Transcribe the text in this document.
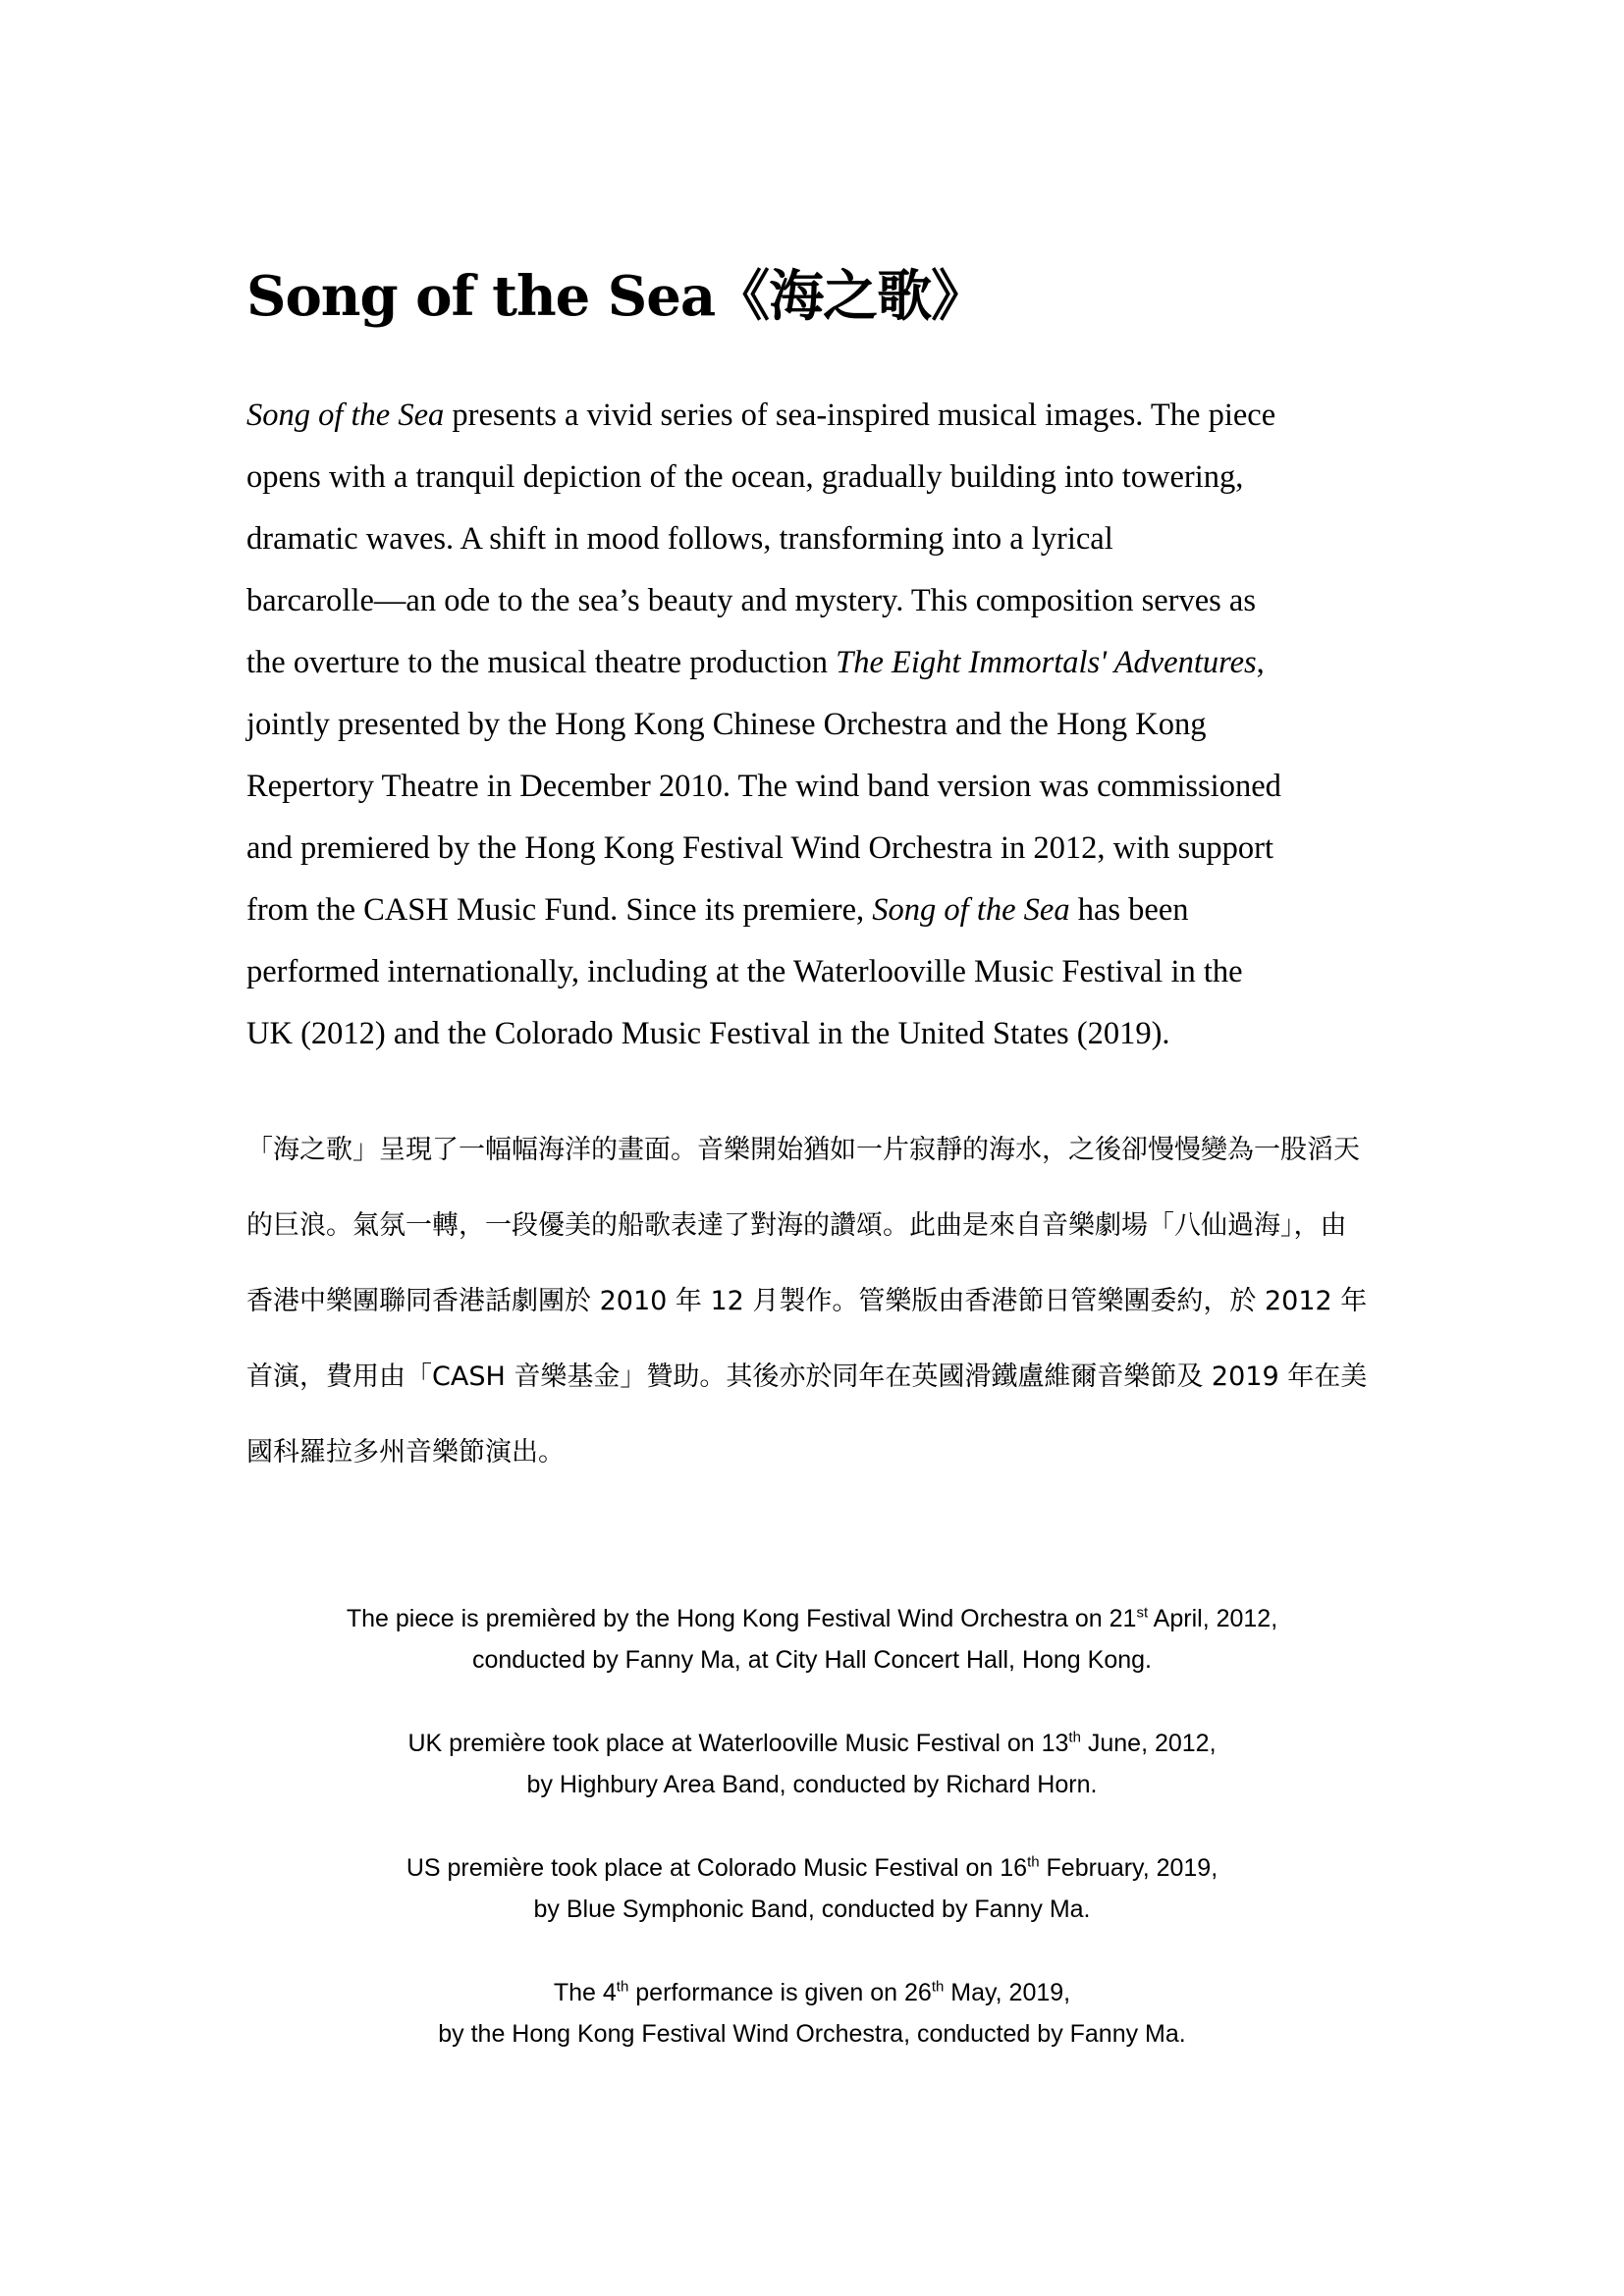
Song of the Sea《海之歌》
Song of the Sea presents a vivid series of sea-inspired musical images. The piece
opens with a tranquil depiction of the ocean, gradually building into towering,
dramatic waves. A shift in mood follows, transforming into a lyrical
barcarolle—an ode to the sea’s beauty and mystery. This composition serves as
the overture to the musical theatre production The Eight Immortals' Adventures,
jointly presented by the Hong Kong Chinese Orchestra and the Hong Kong
Repertory Theatre in December 2010. The wind band version was commissioned
and premiered by the Hong Kong Festival Wind Orchestra in 2012, with support
from the CASH Music Fund. Since its premiere, Song of the Sea has been
performed internationally, including at the Waterlooville Music Festival in the
UK (2012) and the Colorado Music Festival in the United States (2019).
「海之歌」呈現了一幅幅海洋的畫面。音樂開始猶如一片寂靜的海水，之後卻慢慢變為一股滔天
的巨浪。氣氛一轉，一段優美的船歌表達了對海的讚頌。此曲是來自音樂劇場「八仙過海」，由
香港中樂團聯同香港話劇團於 2010 年 12 月製作。管樂版由香港節日管樂團委約，於 2012 年
首演，費用由「CASH 音樂基金」贊助。其後亦於同年在英國滑鐵盧維爾音樂節及 2019 年在美
國科羅拉多州音樂節演出。

The piece is premièred by the Hong Kong Festival Wind Orchestra on 21st April, 2012,
conducted by Fanny Ma, at City Hall Concert Hall, Hong Kong.

UK première took place at Waterlooville Music Festival on 13th June, 2012,
by Highbury Area Band, conducted by Richard Horn.

US première took place at Colorado Music Festival on 16th February, 2019,
by Blue Symphonic Band, conducted by Fanny Ma.

The 4th performance is given on 26th May, 2019,
by the Hong Kong Festival Wind Orchestra, conducted by Fanny Ma.
